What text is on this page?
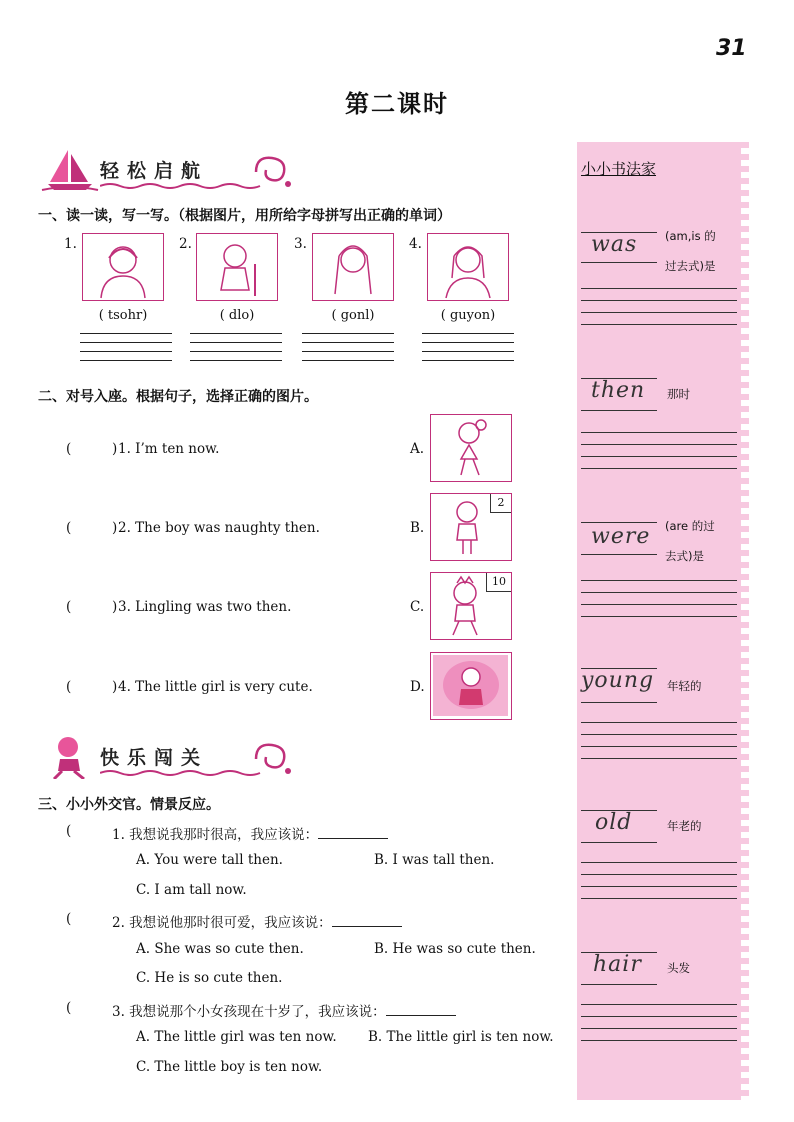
31
第二课时
轻松启航
一、读一读，写一写。（根据图片，用所给字母拼写出正确的单词）
1.	2.	3.	4.
( tsohr)	( dlo)	( gonl)	( guyon)
二、对号入座。根据句子，选择正确的图片。
(	) 1. I’m ten now.
(	) 2. The boy was naughty then.
(	) 3. Lingling was two then.
(	) 4. The little girl is very cute.
A.
B.
2
C.
10
D.
快乐闯关
三、小小外交官。情景反应。
(	1. 我想说我那时很高，我应该说：
A. You were tall then.	B. I was tall then.
C. I am tall now.
(	2. 我想说他那时很可爱，我应该说：
A. She was so cute then.	B. He was so cute then.
C. He is so cute then.
(	3. 我想说那个小女孩现在十岁了，我应该说：
A. The little girl was ten now. B. The little girl is ten now.
C. The little boy is ten now.
小小书法家
was (am,is 的
过去式)是
then 那时
were (are 的过
去式)是
young 年轻的
old	年老的
hair 头发
